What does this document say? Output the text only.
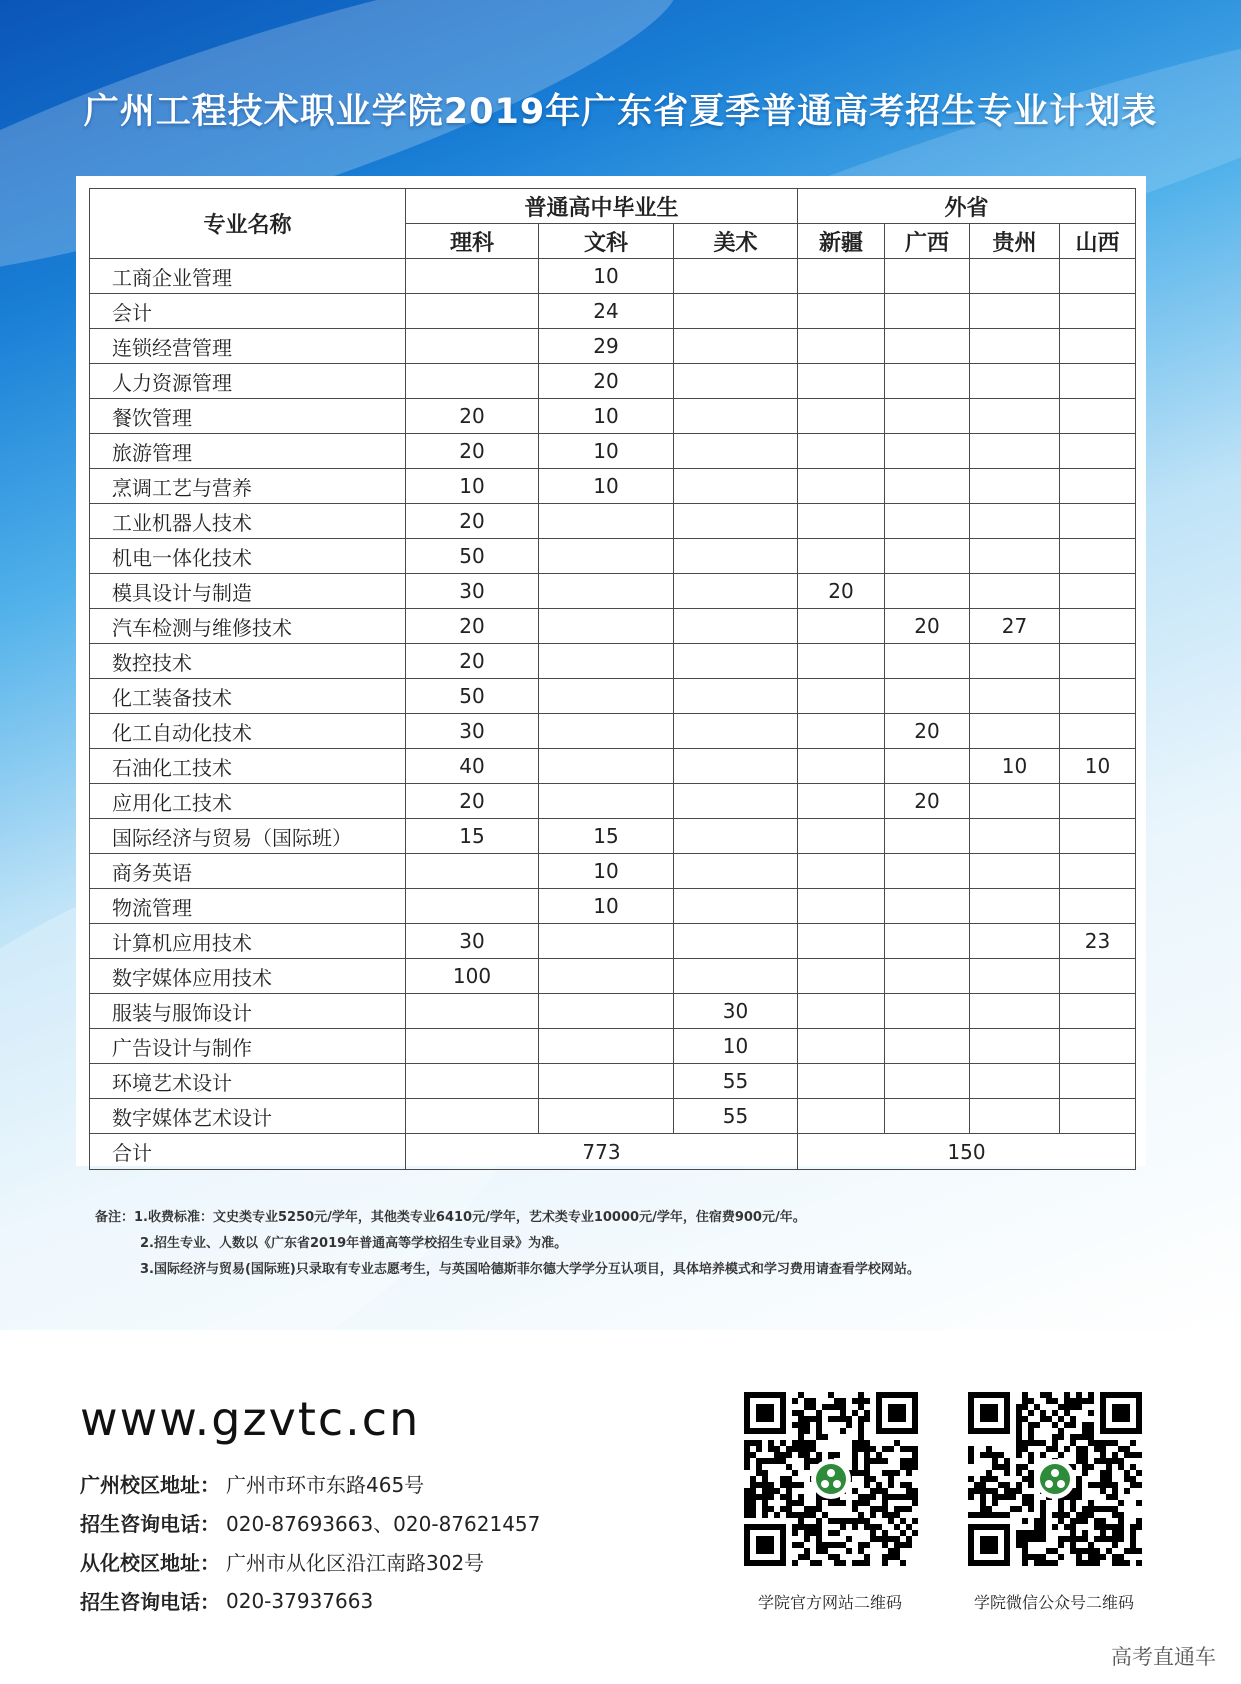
广州工程技术职业学院2019年广东省夏季普通高考招生专业计划表
专业名称	普通高中毕业生			外省			
	理科	文科	美术	新疆	广西	贵州	山西
工商企业管理		10					
会计		24					
连锁经营管理		29					
人力资源管理		20					
餐饮管理	20	10					
旅游管理	20	10					
烹调工艺与营养	10	10					
工业机器人技术	20						
机电一体化技术	50						
模具设计与制造	30			20			
汽车检测与维修技术	20				20	27	
数控技术	20						
化工装备技术	50						
化工自动化技术	30				20		
石油化工技术	40					10	10
应用化工技术	20				20		
国际经济与贸易（国际班）	15	15					
商务英语		10					
物流管理		10					
计算机应用技术	30						23
数字媒体应用技术	100						
服装与服饰设计			30				
广告设计与制作			10				
环境艺术设计			55				
数字媒体艺术设计			55				
合计	773			150			
备注：1.收费标准：文史类专业5250元/学年，其他类专业6410元/学年，艺术类专业10000元/学年，住宿费900元/年。
2.招生专业、人数以《广东省2019年普通高等学校招生专业目录》为准。
3.国际经济与贸易(国际班)只录取有专业志愿考生，与英国哈德斯菲尔德大学学分互认项目，具体培养模式和学习费用请查看学校网站。
www.gzvtc.cn
广州校区地址： 广州市环市东路465号
招生咨询电话： 020-87693663、020-87621457
从化校区地址： 广州市从化区沿江南路302号
招生咨询电话： 020-37937663	学院官方网站二维码	学院微信公众号二维码
高考直通车
